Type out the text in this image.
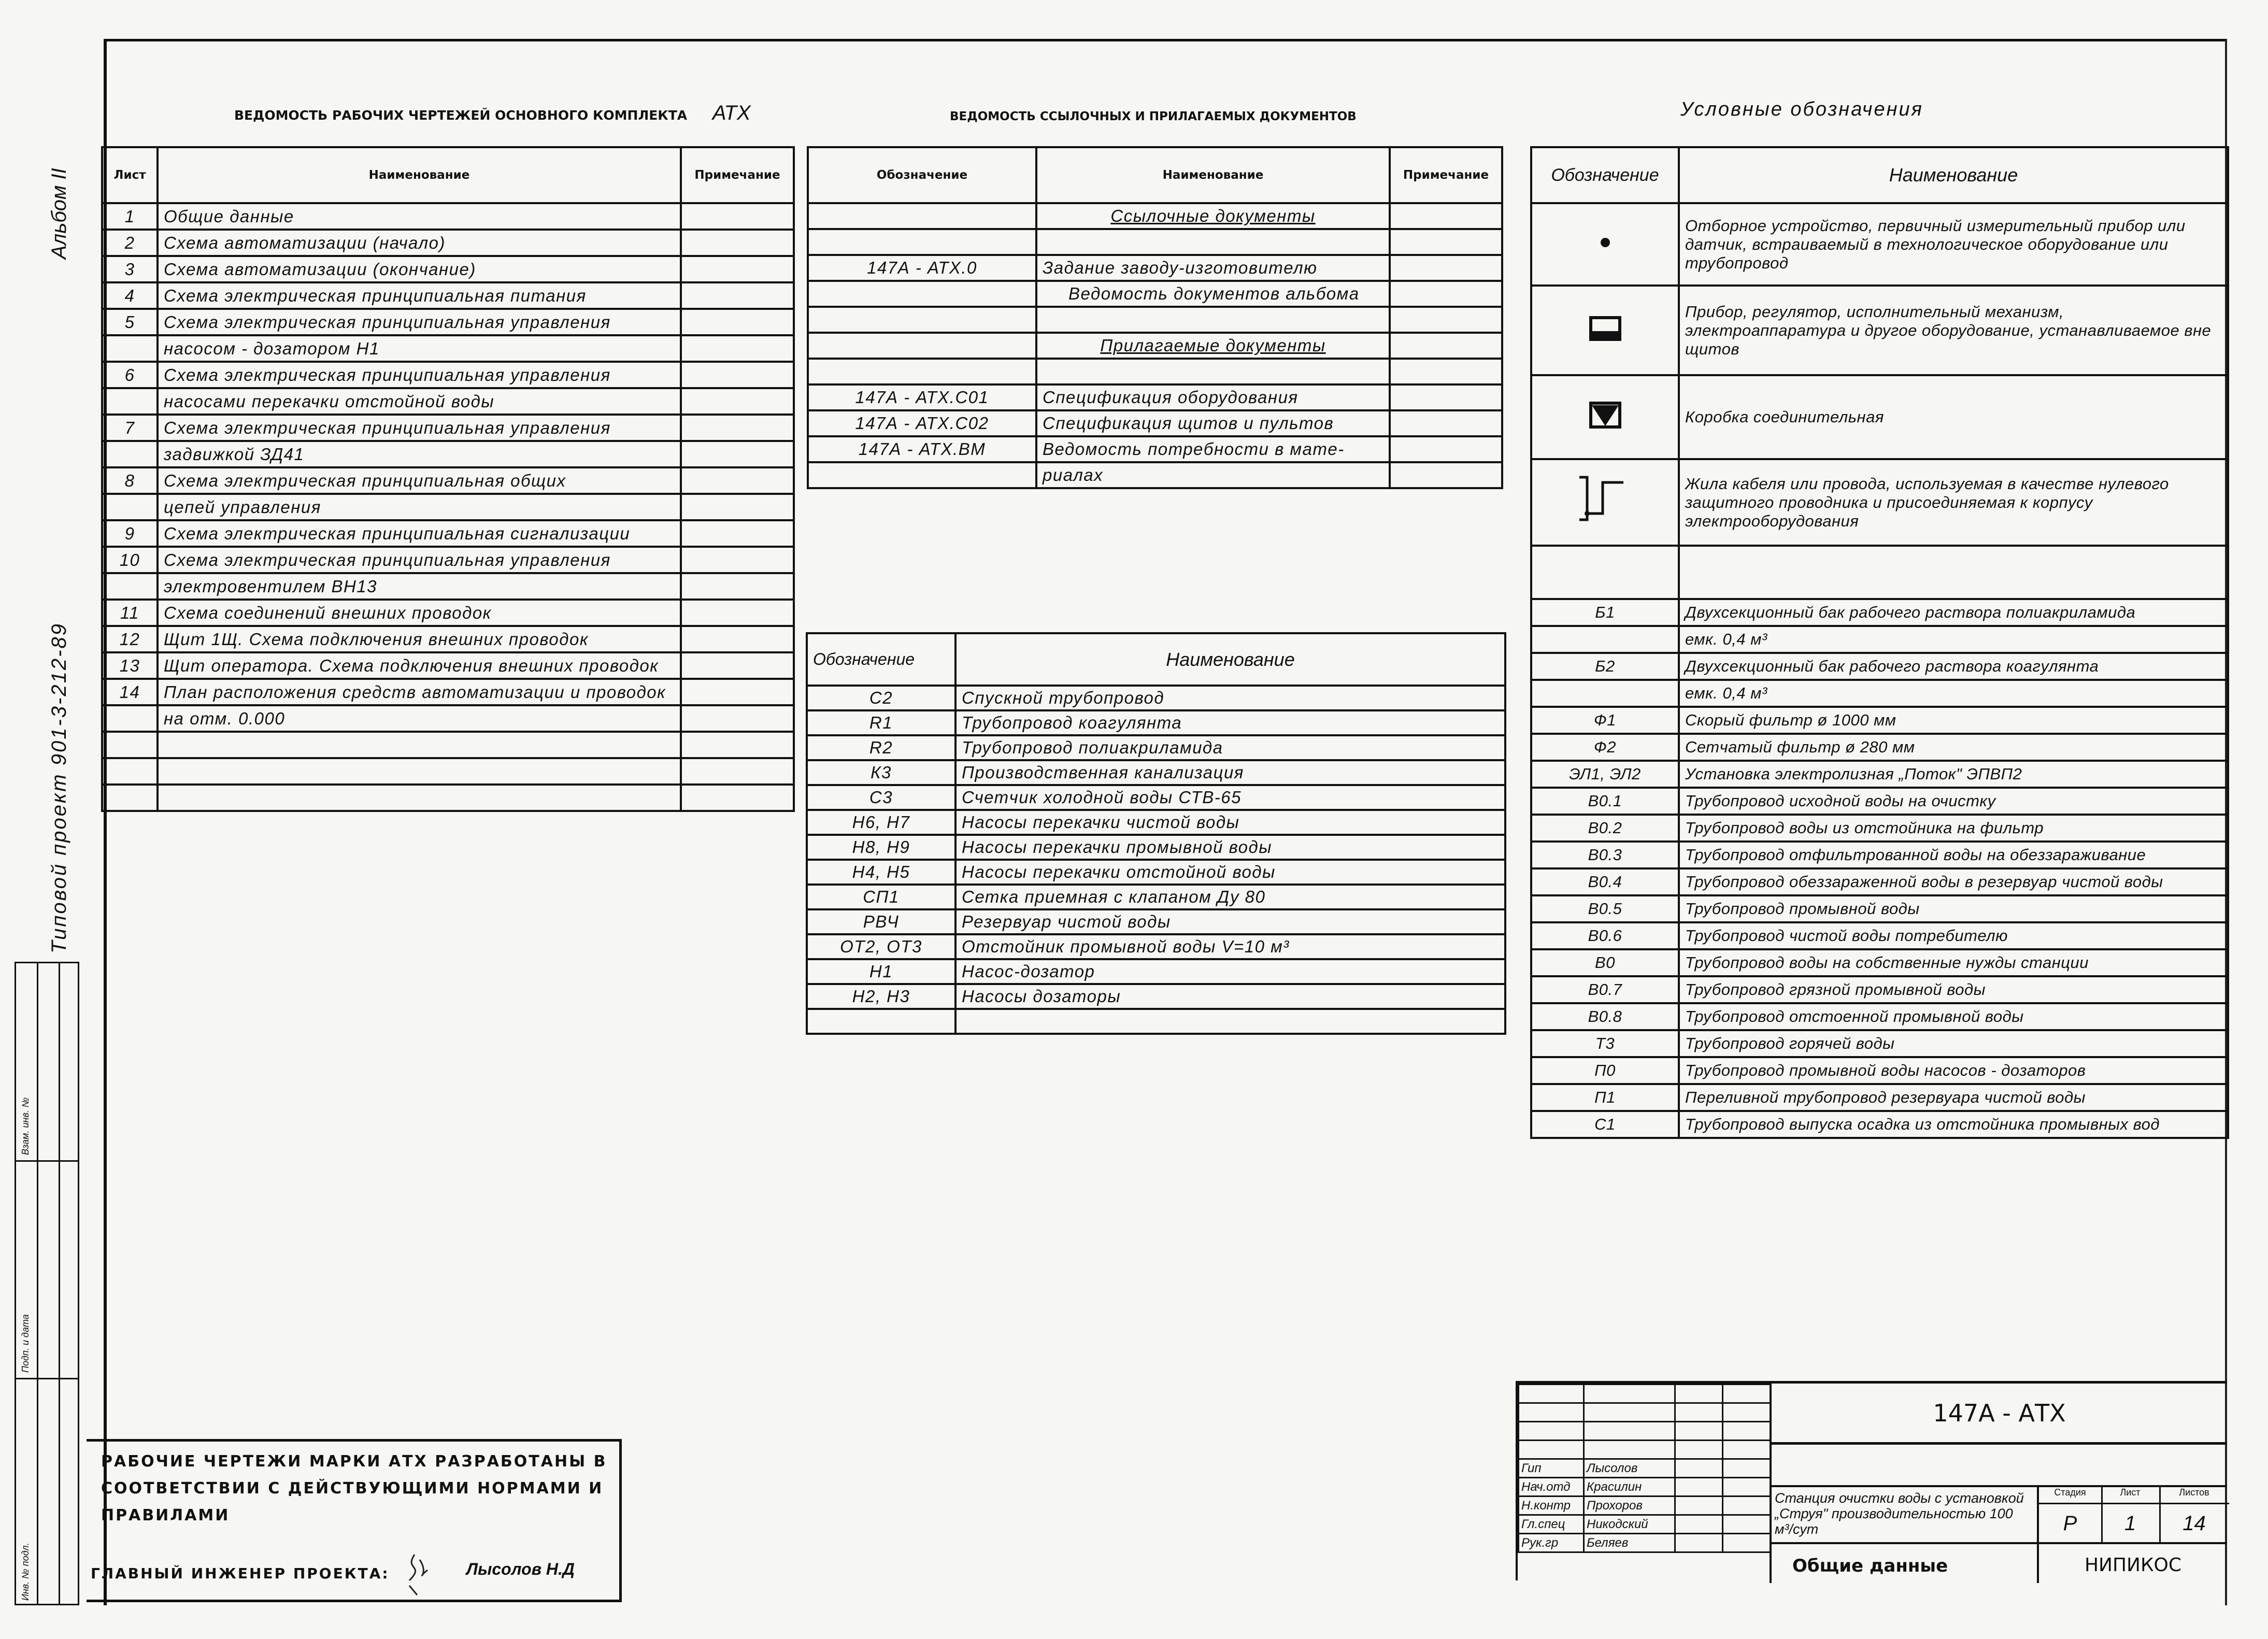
Альбом II
Типовой проект 901-3-212-89
Взам. инв. №
Подп. и дата
Инв. № подл.
ВЕДОМОСТЬ РАБОЧИХ ЧЕРТЕЖЕЙ ОСНОВНОГО КОМПЛЕКТА АТХ	ВЕДОМОСТЬ ССЫЛОЧНЫХ И ПРИЛАГАЕМЫХ ДОКУМЕНТОВ	Условные обозначения
Лист	Наименование	Примечание
1	Общие данные	
2	Схема автоматизации (начало)	
3	Схема автоматизации (окончание)	
4	Схема электрическая принципиальная питания	
5	Схема электрическая принципиальная управления	
	насосом - дозатором Н1	
6	Схема электрическая принципиальная управления	
	насосами перекачки отстойной воды	
7	Схема электрическая принципиальная управления	
	задвижкой ЗД41	
8	Схема электрическая принципиальная общих	
	цепей управления	
9	Схема электрическая принципиальная сигнализации	
10	Схема электрическая принципиальная управления	
	электровентилем ВН13	
11	Схема соединений внешних проводок	
12	Щит 1Щ. Схема подключения внешних проводок	
13	Щит оператора. Схема подключения внешних проводок	
14	План расположения средств автоматизации и проводок	
	на отм. 0.000	

Обозначение	Наименование	Примечание
	Ссылочные документы	

147А - АТХ.0	Задание заводу-изготовителю	
	Ведомость документов альбома	

	Прилагаемые документы	

147А - АТХ.С01	Спецификация оборудования	
147А - АТХ.С02	Спецификация щитов и пультов	
147А - АТХ.ВМ	Ведомость потребности в мате-	
	риалах	
Обозначение	Наименование
С2	Спускной трубопровод
R1	Трубопровод коагулянта
R2	Трубопровод полиакриламида
К3	Производственная канализация
С3	Счетчик холодной воды СТВ-65
Н6, Н7	Насосы перекачки чистой воды
Н8, Н9	Насосы перекачки промывной воды
Н4, Н5	Насосы перекачки отстойной воды
СП1	Сетка приемная с клапаном Ду 80
РВЧ	Резервуар чистой воды
ОТ2, ОТ3	Отстойник промывной воды V=10 м³
Н1	Насос-дозатор
Н2, Н3	Насосы дозаторы

Обозначение	Наименование
	Отборное устройство, первичный измерительный прибор или датчик, встраиваемый в технологическое оборудование или трубопровод
	Прибор, регулятор, исполнительный механизм, электроаппаратура и другое оборудование, устанавливаемое вне щитов
	Коробка соединительная
	Жила кабеля или провода, используемая в качестве нулевого защитного проводника и присоединяемая к корпусу электрооборудования

Б1	Двухсекционный бак рабочего раствора полиакриламида
	емк. 0,4 м³
Б2	Двухсекционный бак рабочего раствора коагулянта
	емк. 0,4 м³
Ф1	Скорый фильтр ø 1000 мм
Ф2	Сетчатый фильтр ø 280 мм
ЭЛ1, ЭЛ2	Установка электролизная „Поток" ЭПВП2
В0.1	Трубопровод исходной воды на очистку
В0.2	Трубопровод воды из отстойника на фильтр
В0.3	Трубопровод отфильтрованной воды на обеззараживание
В0.4	Трубопровод обеззараженной воды в резервуар чистой воды
В0.5	Трубопровод промывной воды
В0.6	Трубопровод чистой воды потребителю
В0	Трубопровод воды на собственные нужды станции
В0.7	Трубопровод грязной промывной воды
В0.8	Трубопровод отстоенной промывной воды
Т3	Трубопровод горячей воды
П0	Трубопровод промывной воды насосов - дозаторов
П1	Переливной трубопровод резервуара чистой воды
С1	Трубопровод выпуска осадка из отстойника промывных вод
РАБОЧИЕ ЧЕРТЕЖИ МАРКИ АТХ РАЗРАБОТАНЫ В СООТВЕТСТВИИ С ДЕЙСТВУЮЩИМИ НОРМАМИ И ПРАВИЛАМИ
ГЛАВНЫЙ ИНЖЕНЕР ПРОЕКТА:	Лысолов Н.Д

Гип	Лысолов		
Нач.отд	Красилин		
Н.контр	Прохоров		
Гл.спец	Никодский		
Рук.гр	Беляев		
147А - АТХ
Станция очистки воды с установкой „Струя" производительностью 100 м³/сут
Стадия	Лист	Листов
Р	1	14
Общие данные	НИПИКОС
